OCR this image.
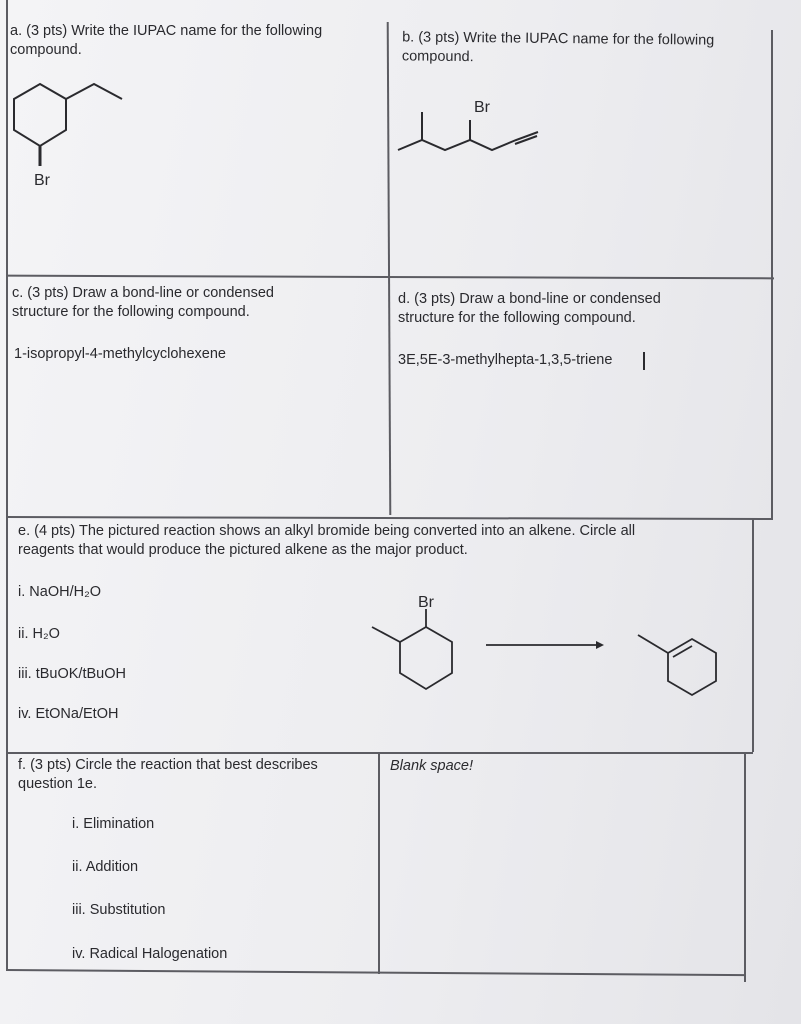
a. (3 pts) Write the IUPAC name for the following
compound.
Br
b. (3 pts) Write the IUPAC name for the following
compound.
Br
c. (3 pts) Draw a bond-line or condensed
structure for the following compound.
1-isopropyl-4-methylcyclohexene
d. (3 pts) Draw a bond-line or condensed
structure for the following compound.
3E,5E-3-methylhepta-1,3,5-triene
e. (4 pts) The pictured reaction shows an alkyl bromide being converted into an alkene. Circle all
reagents that would produce the pictured alkene as the major product.
i. NaOH/H₂O
ii. H₂O
iii. tBuOK/tBuOH
iv. EtONa/EtOH
Br
f. (3 pts) Circle the reaction that best describes
question 1e.
i. Elimination
ii. Addition
iii. Substitution
iv. Radical Halogenation
Blank space!
